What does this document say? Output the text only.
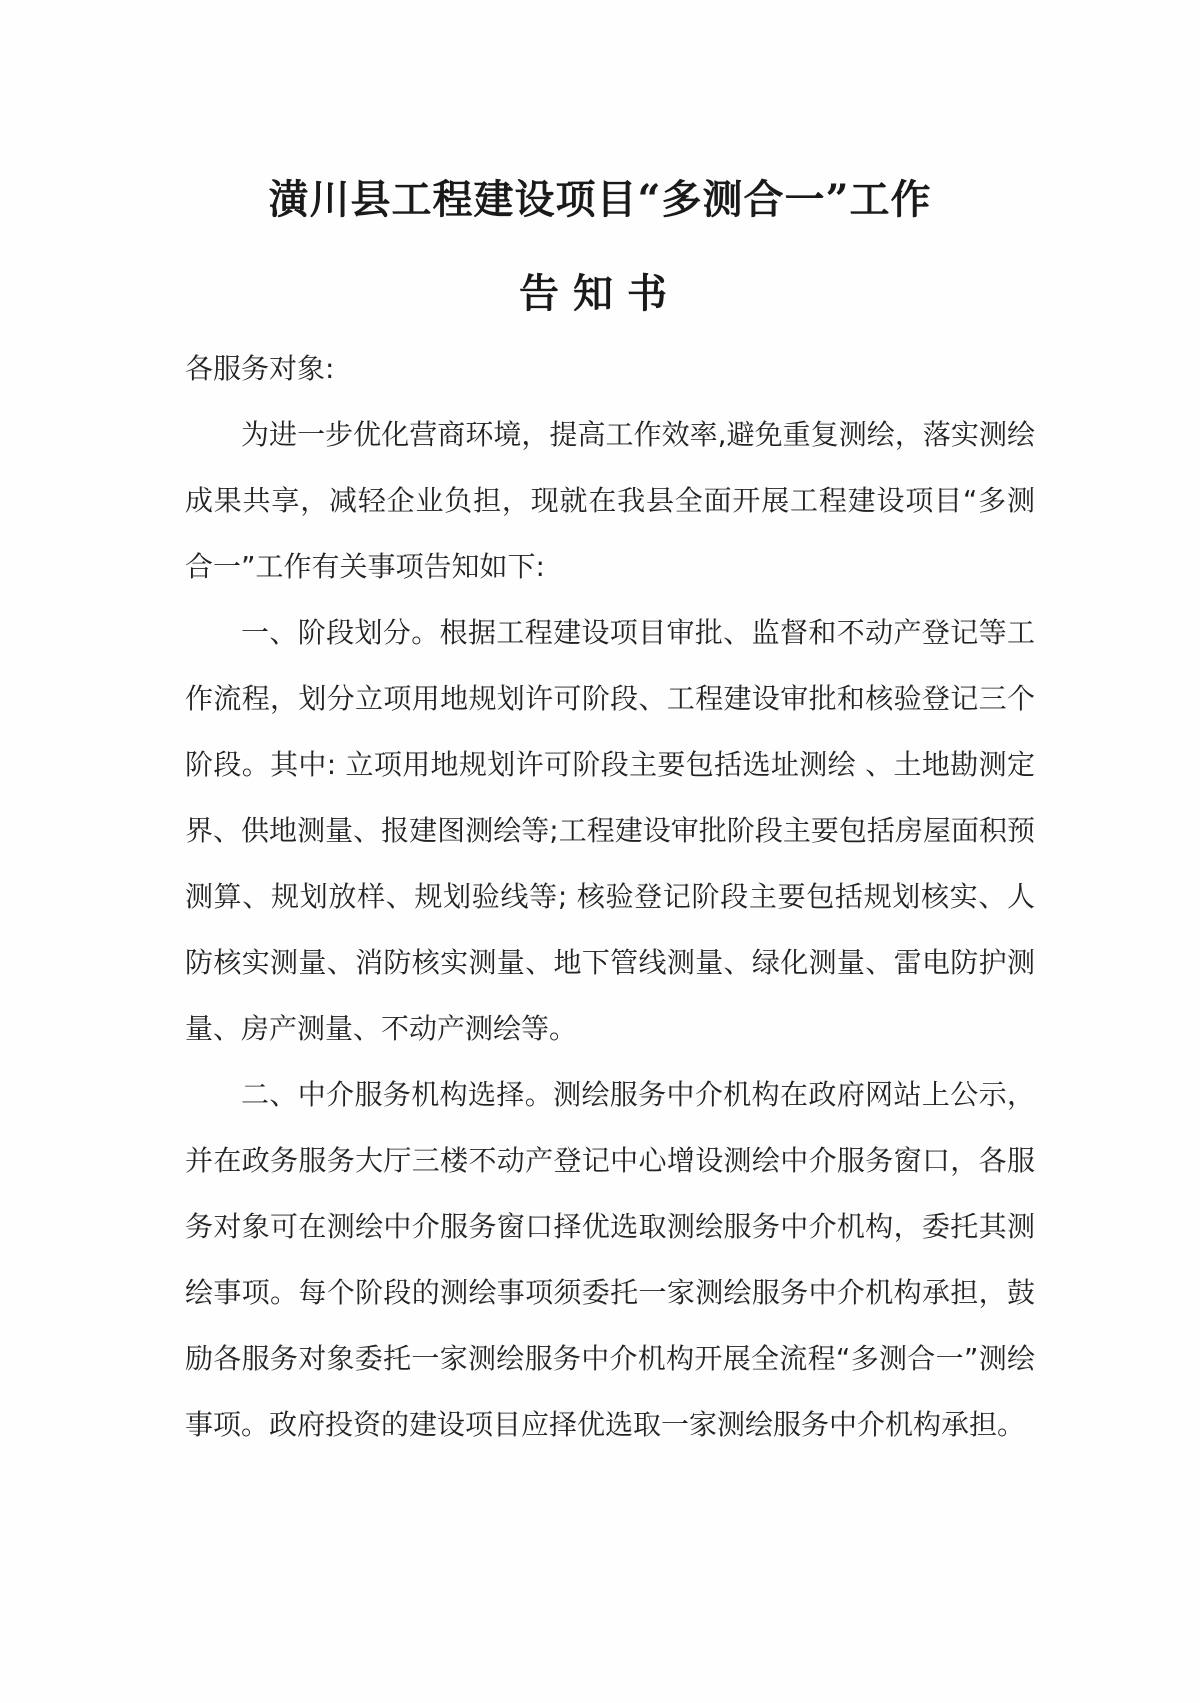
潢川县工程建设项目“多测合一”工作
告知书

各服务对象:

为进一步优化营商环境，提高工作效率,避免重复测绘，落实测绘成果共享，减轻企业负担，现就在我县全面开展工程建设项目“多测合一”工作有关事项告知如下:

一、阶段划分。根据工程建设项目审批、监督和不动产登记等工作流程，划分立项用地规划许可阶段、工程建设审批和核验登记三个阶段。其中: 立项用地规划许可阶段主要包括选址测绘 、土地勘测定界、供地测量、报建图测绘等;工程建设审批阶段主要包括房屋面积预测算、规划放样、规划验线等; 核验登记阶段主要包括规划核实、人防核实测量、消防核实测量、地下管线测量、绿化测量、雷电防护测量、房产测量、不动产测绘等。

二、中介服务机构选择。测绘服务中介机构在政府网站上公示，并在政务服务大厅三楼不动产登记中心增设测绘中介服务窗口，各服务对象可在测绘中介服务窗口择优选取测绘服务中介机构，委托其测绘事项。每个阶段的测绘事项须委托一家测绘服务中介机构承担，鼓励各服务对象委托一家测绘服务中介机构开展全流程“多测合一”测绘事项。政府投资的建设项目应择优选取一家测绘服务中介机构承担。
